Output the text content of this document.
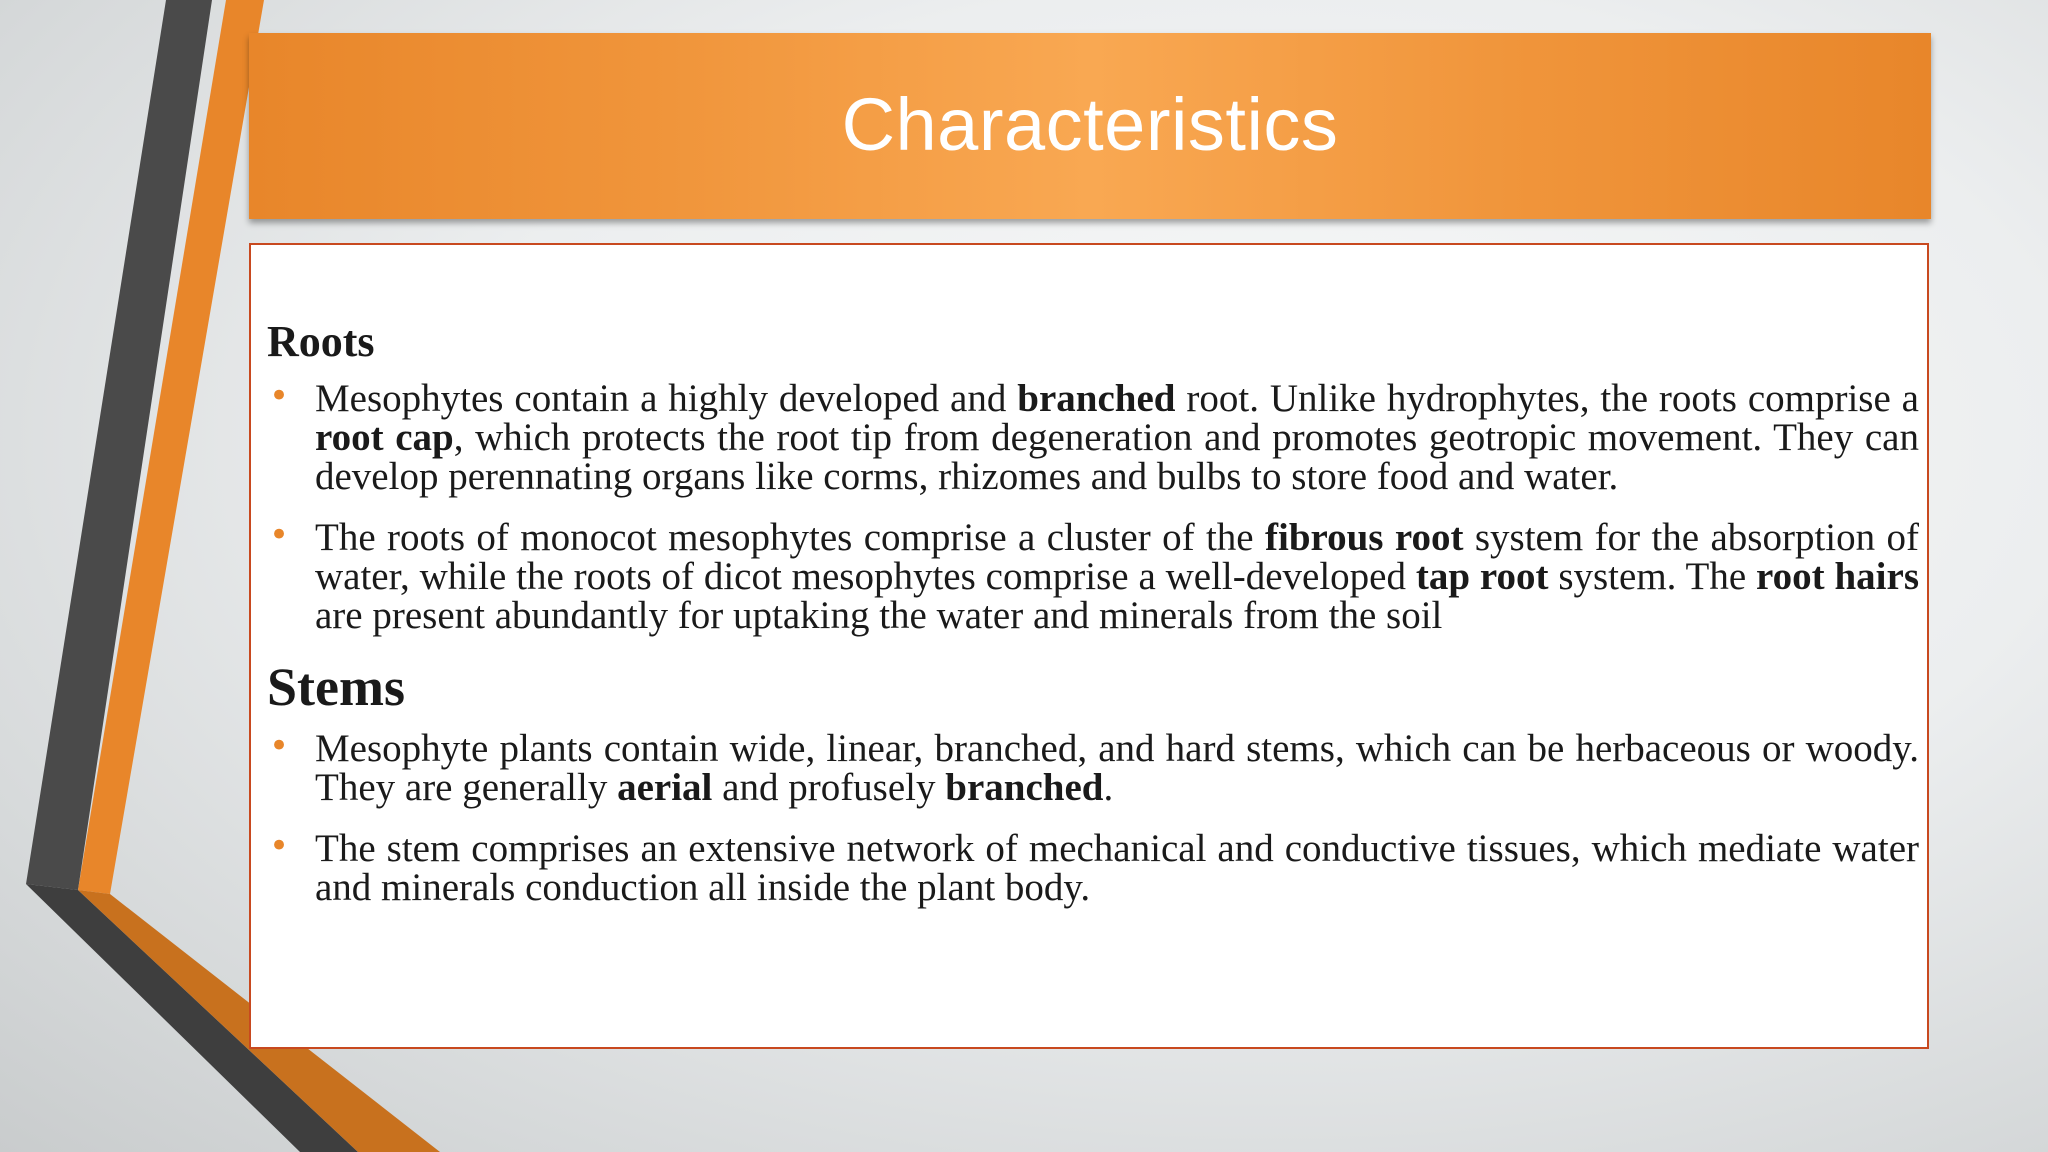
Characteristics
Roots
• Mesophytes contain a highly developed and branched root. Unlike hydrophytes, the roots comprise a root cap, which protects the root tip from degeneration and promotes geotropic movement. They can develop perennating organs like corms, rhizomes and bulbs to store food and water.
• The roots of monocot mesophytes comprise a cluster of the fibrous root system for the absorption of water, while the roots of dicot mesophytes comprise a well-developed tap root system. The root hairs are present abundantly for uptaking the water and minerals from the soil
Stems
• Mesophyte plants contain wide, linear, branched, and hard stems, which can be herbaceous or woody. They are generally aerial and profusely branched.
• The stem comprises an extensive network of mechanical and conductive tissues, which mediate water and minerals conduction all inside the plant body.
